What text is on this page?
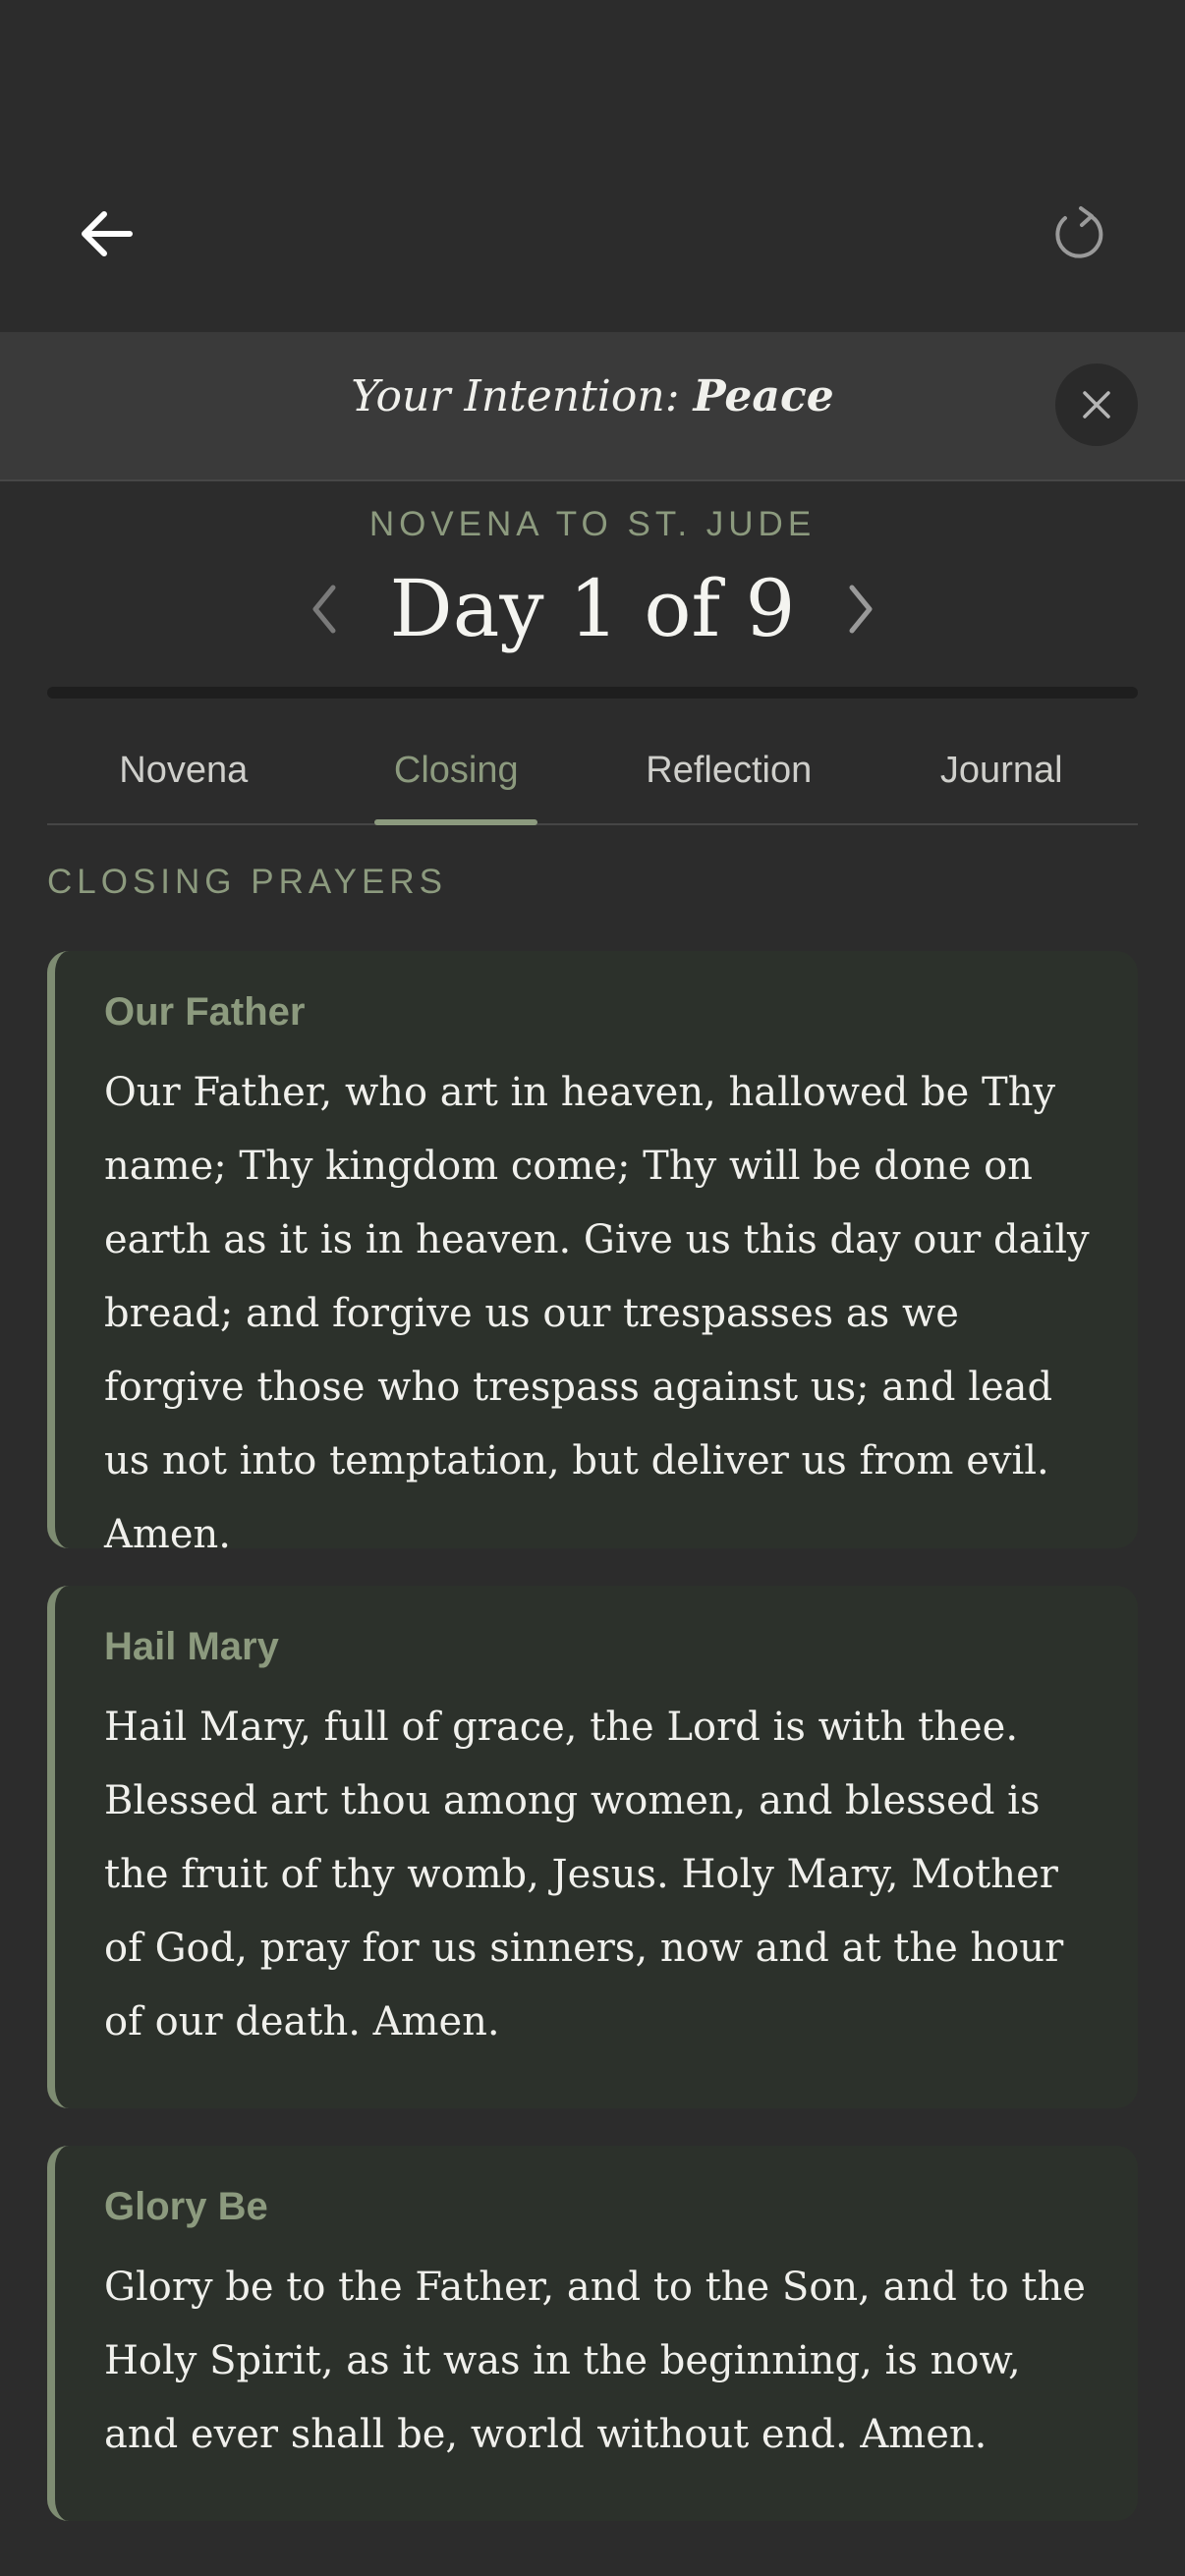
Your Intention: Peace
NOVENA TO ST. JUDE
Day 1 of 9
Novena	Closing	Reflection	Journal
CLOSING PRAYERS
Our Father
Our Father, who art in heaven, hallowed be Thy name; Thy kingdom come; Thy will be done on earth as it is in heaven. Give us this day our daily bread; and forgive us our trespasses as we forgive those who trespass against us; and lead us not into temptation, but deliver us from evil. Amen.
Hail Mary
Hail Mary, full of grace, the Lord is with thee. Blessed art thou among women, and blessed is the fruit of thy womb, Jesus. Holy Mary, Mother of God, pray for us sinners, now and at the hour of our death. Amen.
Glory Be
Glory be to the Father, and to the Son, and to the Holy Spirit, as it was in the beginning, is now, and ever shall be, world without end. Amen.
